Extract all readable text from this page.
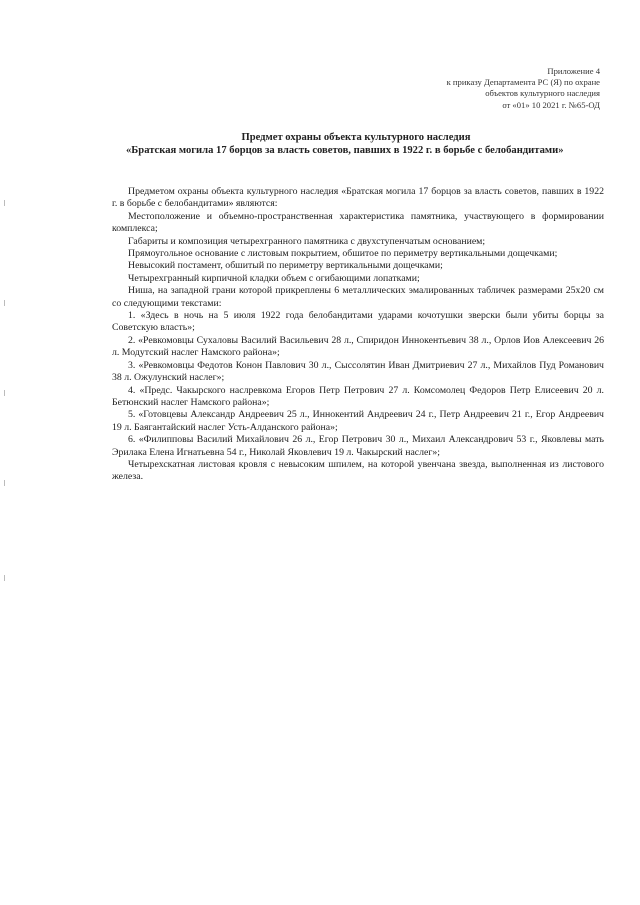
Приложение 4
к приказу Департамента РС (Я) по охране
объектов культурного наследия
от «01» 10 2021 г. №65-ОД
Предмет охраны объекта культурного наследия
«Братская могила 17 борцов за власть советов, павших в 1922 г. в борьбе с белобандитами»

Предметом охраны объекта культурного наследия «Братская могила 17 борцов за власть советов, павших в 1922 г. в борьбе с белобандитами» являются:

Местоположение и объемно-пространственная характеристика памятника, участвующего в формировании комплекса;

Габариты и композиция четырехгранного памятника с двухступенчатым основанием;

Прямоугольное основание с листовым покрытием, обшитое по периметру вертикальными дощечками;

Невысокий постамент, обшитый по периметру вертикальными дощечками;

Четырехгранный кирпичной кладки объем с огибающими лопатками;

Ниша, на западной грани которой прикреплены 6 металлических эмалированных табличек размерами 25х20 см со следующими текстами:

1. «Здесь в ночь на 5 июля 1922 года белобандитами ударами кочотушки зверски были убиты борцы за Советскую власть»;

2. «Ревкомовцы Сухаловы Василий Васильевич 28 л., Спиридон Иннокентьевич 38 л., Орлов Иов Алексеевич 26 л. Модутский наслег Намского района»;

3. «Ревкомовцы Федотов Конон Павлович 30 л., Сыссолятин Иван Дмитриевич 27 л., Михайлов Пуд Романович 38 л. Ожулунский наслег»;

4. «Предс. Чакырского наслревкома Егоров Петр Петрович 27 л. Комсомолец Федоров Петр Елисеевич 20 л. Бетюнский наслег Намского района»;

5. «Готовцевы Александр Андреевич 25 л., Иннокентий Андреевич 24 г., Петр Андреевич 21 г., Егор Андреевич 19 л. Баягантайский наслег Усть-Алданского района»;

6. «Филипповы Василий Михайлович 26 л., Егор Петрович 30 л., Михаил Александрович 53 г., Яковлевы мать Эрилака Елена Игнатьевна 54 г., Николай Яковлевич 19 л. Чакырский наслег»;

Четырехскатная листовая кровля с невысоким шпилем, на которой увенчана звезда, выполненная из листового железа.
